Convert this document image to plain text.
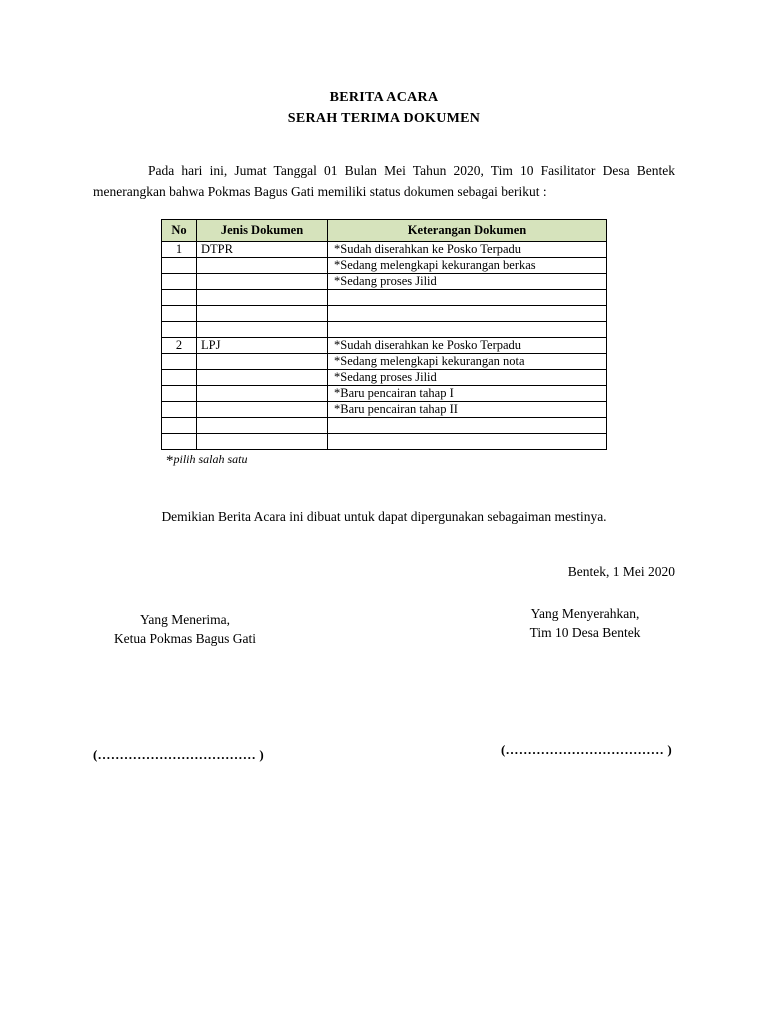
BERITA ACARA
SERAH TERIMA DOKUMEN

Pada hari ini, Jumat Tanggal 01 Bulan Mei Tahun 2020, Tim 10 Fasilitator Desa Bentek menerangkan bahwa Pokmas Bagus Gati memiliki status dokumen sebagai berikut :

No	Jenis Dokumen	Keterangan Dokumen
1	DTPR	*Sudah diserahkan ke Posko Terpadu
		*Sedang melengkapi kekurangan berkas
		*Sedang proses Jilid

2	LPJ	*Sudah diserahkan ke Posko Terpadu
		*Sedang melengkapi kekurangan nota
		*Sedang proses Jilid
		*Baru pencairan tahap I
		*Baru pencairan tahap II

*pilih salah satu
Demikian Berita Acara ini dibuat untuk dapat dipergunakan sebagaiman mestinya.
Bentek, 1 Mei 2020
Yang Menerima,
Ketua Pokmas Bagus Gati
Yang Menyerahkan,
Tim 10 Desa Bentek
(……………………………… )	(……………………………… )
